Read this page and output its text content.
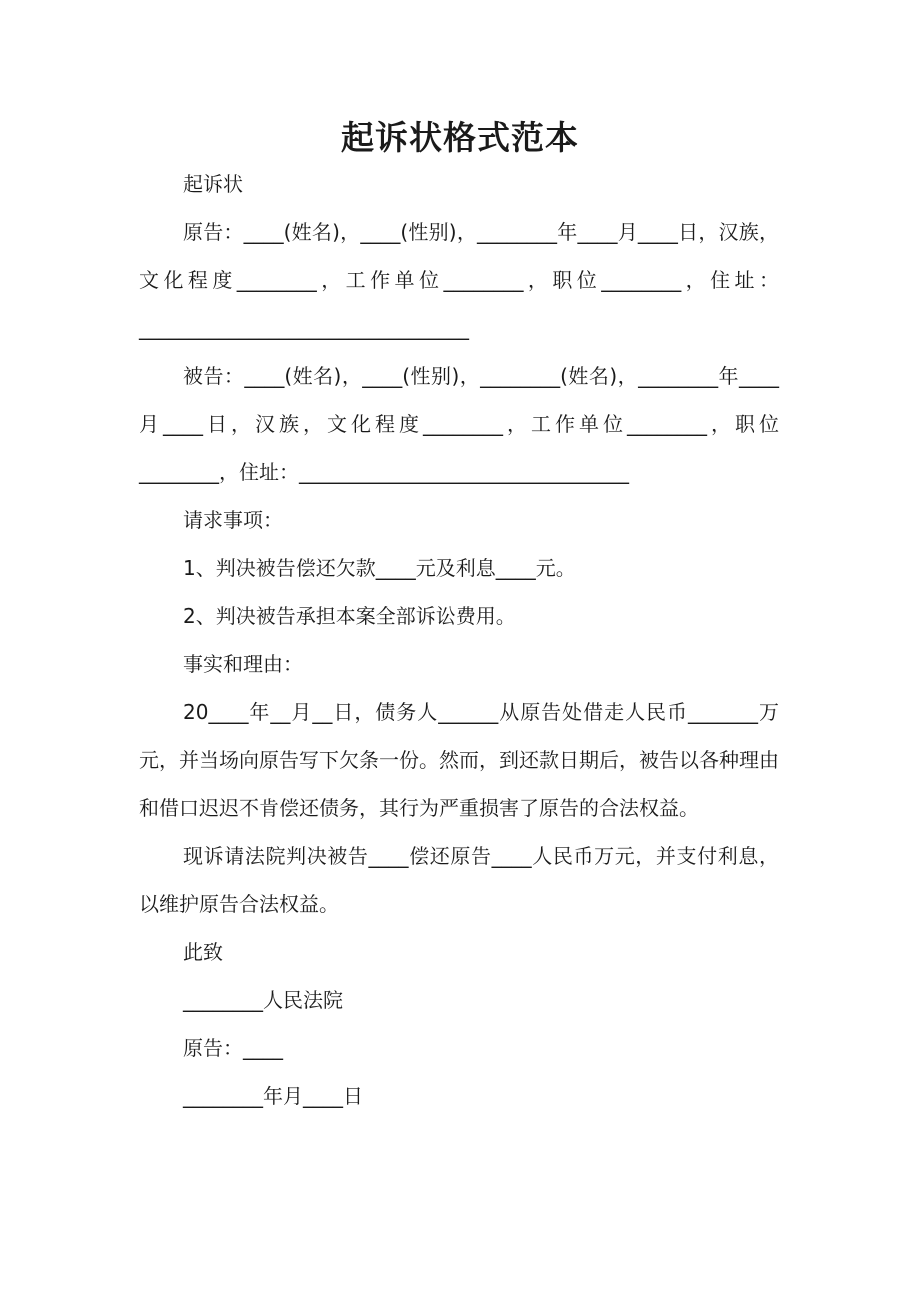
起诉状格式范本

起诉状

原告：____(姓名)，____(性别)，________年____月____日，汉族，文化程度________，工作单位________，职位________，住址：_________________________________

被告：____(姓名)，____(性别)，________(姓名)，________年____月____日，汉族，文化程度________，工作单位________，职位________，住址：_________________________________

请求事项：

1、判决被告偿还欠款____元及利息____元。

2、判决被告承担本案全部诉讼费用。

事实和理由：

20____年__月__日，债务人______从原告处借走人民币_______万元，并当场向原告写下欠条一份。然而，到还款日期后，被告以各种理由和借口迟迟不肯偿还债务，其行为严重损害了原告的合法权益。

现诉请法院判决被告____偿还原告____人民币万元，并支付利息，以维护原告合法权益。

此致

________人民法院

原告：____

________年月____日
